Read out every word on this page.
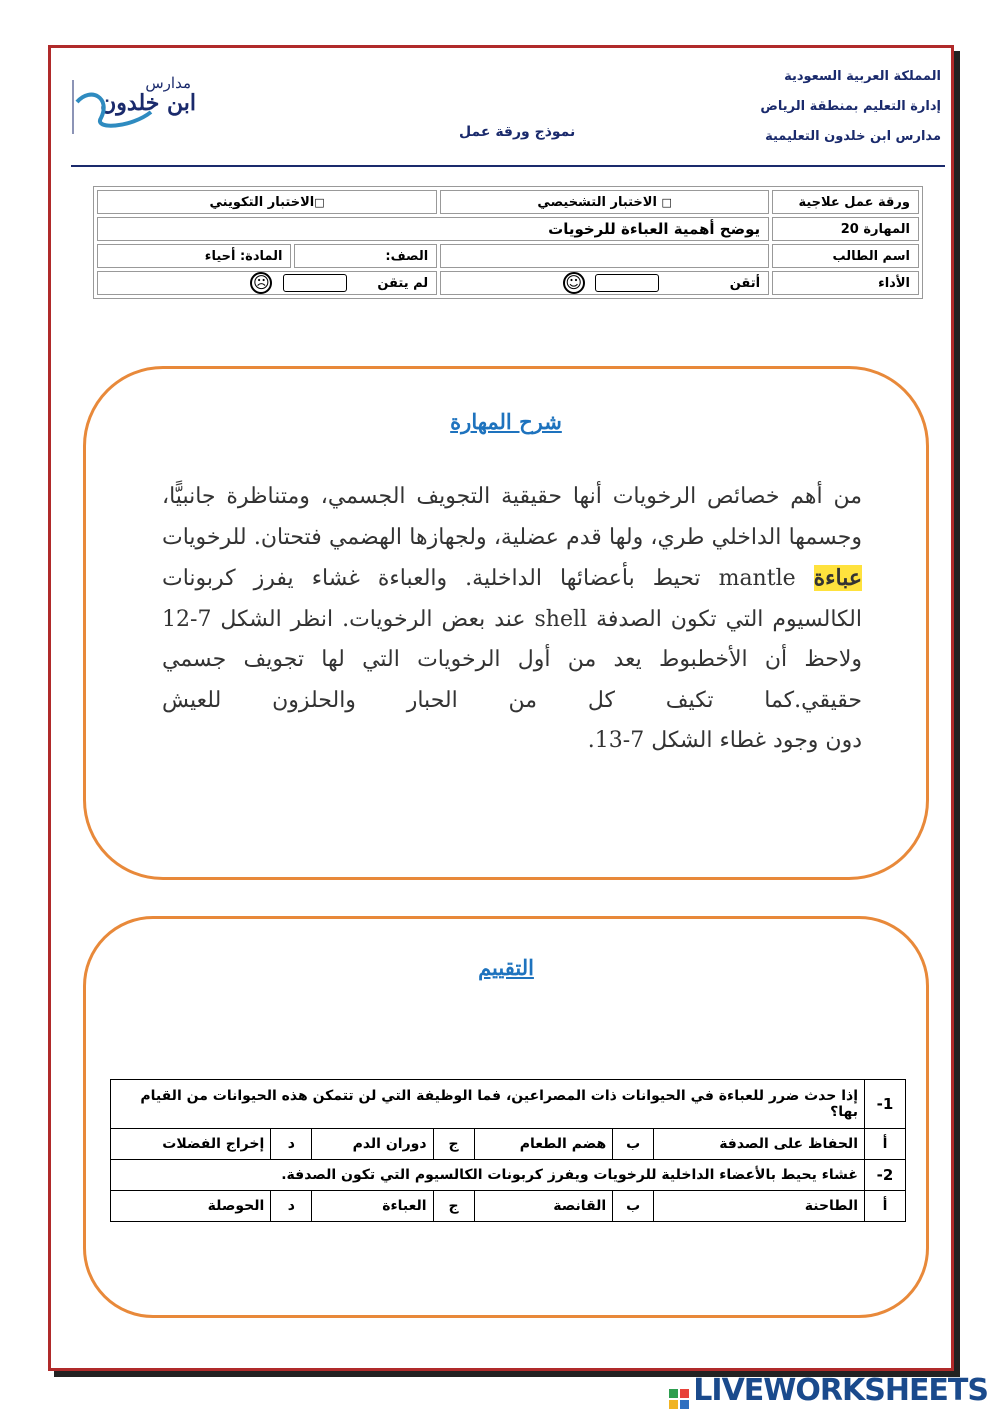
مدارس
ابن خلدون
نموذج ورقة عمل
المملكة العربية السعودية
إدارة التعليم بمنطقة الرياض
مدارس ابن خلدون التعليمية
ورقة عمل علاجية	□ الاختبار التشخيصي	□الاختبار التكويني	
المهارة 20	يوضح أهمية العباءة للرخويات		
اسم الطالب		الصف:	المادة: أحياء
الأداء	أتقن  ☺	لم يتقن  ☹	
شرح المهارة
من أهم خصائص الرخويات أنها حقيقية التجويف الجسمي، ومتناظرة جانبيًّا، وجسمها الداخلي طري، ولها قدم عضلية، ولجهازها الهضمي فتحتان. للرخويات عباءة mantle تحيط بأعضائها الداخلية. والعباءة غشاء يفرز كربونات الكالسيوم التي تكون الصدفة shell عند بعض الرخويات. انظر الشكل 7-12 ولاحظ أن الأخطبوط يعد من أول الرخويات التي لها تجويف جسمي حقيقي.كما تكيف كل من الحبار والحلزون للعيش
دون وجود غطاء الشكل 7-13.
التقييم
1-	إذا حدث ضرر للعباءة في الحيوانات ذات المصراعين، فما الوظيفة التي لن تتمكن هذه الحيوانات من القيام بها؟						
أ	الحفاظ على الصدفة	ب	هضم الطعام	ج	دوران الدم	د	إخراج الفضلات
2-	غشاء يحيط بالأعضاء الداخلية للرخويات ويفرز كربونات الكالسيوم التي تكون الصدفة.						
أ	الطاحنة	ب	القانصة	ج	العباءة	د	الحوصلة
LIVEWORKSHEETS
